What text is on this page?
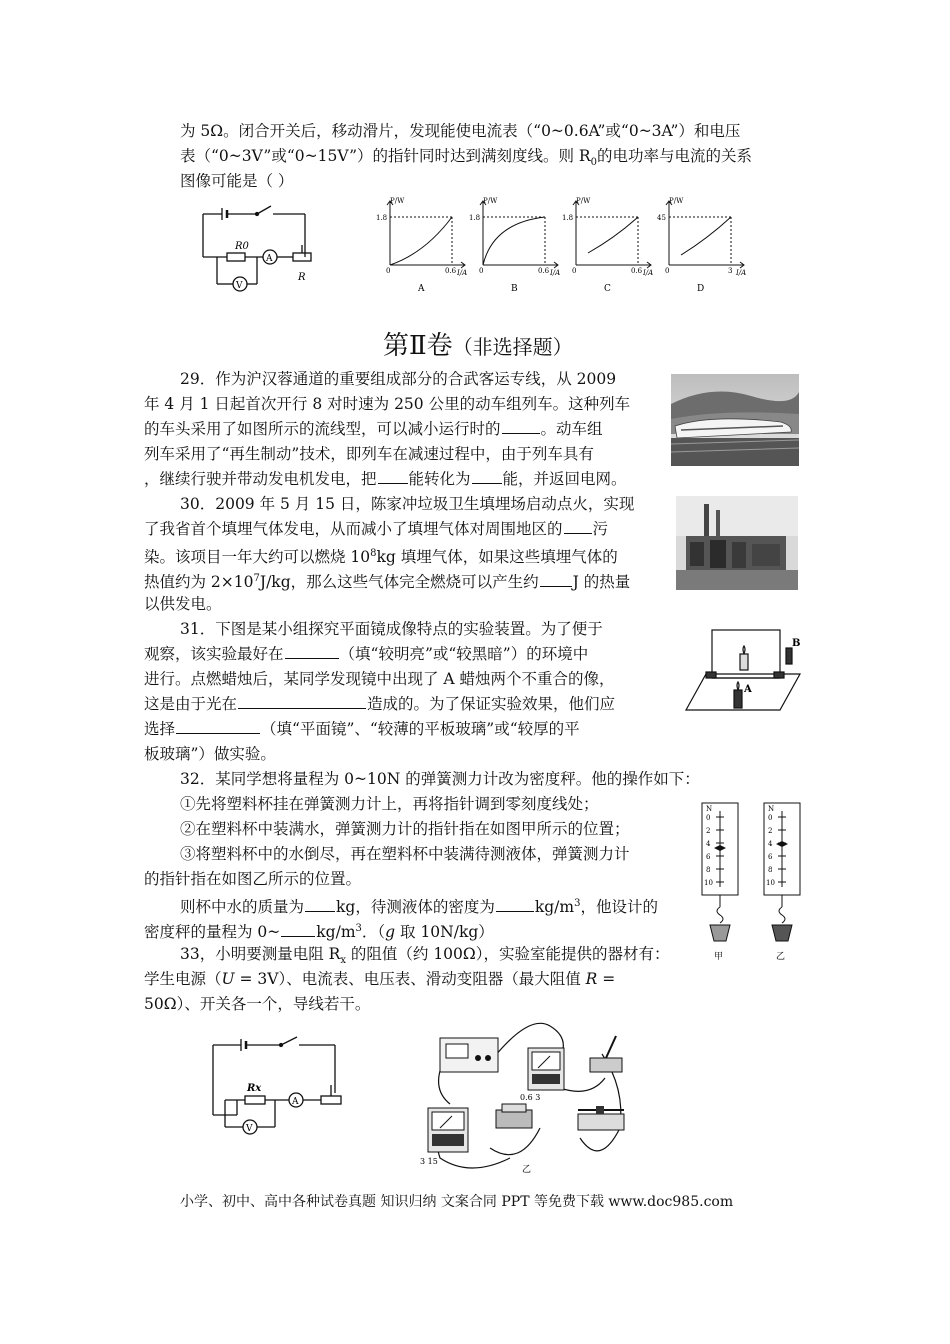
为 5Ω。闭合开关后，移动滑片，发现能使电流表（“0~0.6A”或“0~3A”）和电压
表（“0~3V”或“0~15V”）的指针同时达到满刻度线。则 $R_0$的电功率与电流的关系
图像可能是（ ）
R0
R
A
V
P/W
1.8
0	0.6 I/A
A
P/W
1.8
0	0.6 I/A
B
P/W
1.8
0	0.6 I/A
C
P/W
45
0	3 I/A
D
第Ⅱ卷（非选择题）
29．作为沪汉蓉通道的重要组成部分的合武客运专线，从 2009
年 4 月 1 日起首次开行 8 对时速为 250 公里的动车组列车。这种列车
的车头采用了如图所示的流线型，可以减小运行时的	。动车组
列车采用了“再生制动”技术，即列车在减速过程中，由于列车具有
，继续行驶并带动发电机发电，把 能转化为 能，并返回电网。
30．2009 年 5 月 15 日，陈家冲垃圾卫生填埋场启动点火，实现
了我省首个填埋气体发电，从而减小了填埋气体对周围地区的 污
染。该项目一年大约可以燃烧 $10^8kg$ 填埋气体，如果这些填埋气体的
热值约为 $2\times 10^7J/kg$，那么这些气体完全燃烧可以产生约 J 的热量
以供发电。
31．下图是某小组探究平面镜成像特点的实验装置。为了便于
观察，该实验最好在	（填“较明亮”或“较黑暗”）的环境中
进行。点燃蜡烛后，某同学发现镜中出现了 A 蜡烛两个不重合的像，
这是由于光在	造成的。为了保证实验效果，他们应
选择	（填“平面镜”、“较薄的平板玻璃”或“较厚的平
板玻璃”）做实验。
B
A
32．某同学想将量程为 0~10N 的弹簧测力计改为密度秤。他的操作如下：
①先将塑料杯挂在弹簧测力计上，再将指针调到零刻度线处；
②在塑料杯中装满水，弹簧测力计的指针指在如图甲所示的位置；
③将塑料杯中的水倒尽，再在塑料杯中装满待测液体，弹簧测力计
的指针指在如图乙所示的位置。
则杯中水的质量为 kg，待测液体的密度为	$kg/m^3$，他设计的
密度秤的量程为 0~ $kg/m^3$．（g 取 10N/kg）
N
0
2
4
6
8
10
甲
N
0
2
4
6
8
10
乙
33，小明要测量电阻 $R_x$ 的阻值（约 100Ω），实验室能提供的器材有：
学生电源（U = 3V）、电流表、电压表、滑动变阻器（最大阻值 R =
50Ω）、开关各一个，导线若干。
Rx
A
V
0.6 3
3 15
乙
小学、初中、高中各种试卷真题 知识归纳 文案合同 PPT 等免费下载 www.doc985.com
